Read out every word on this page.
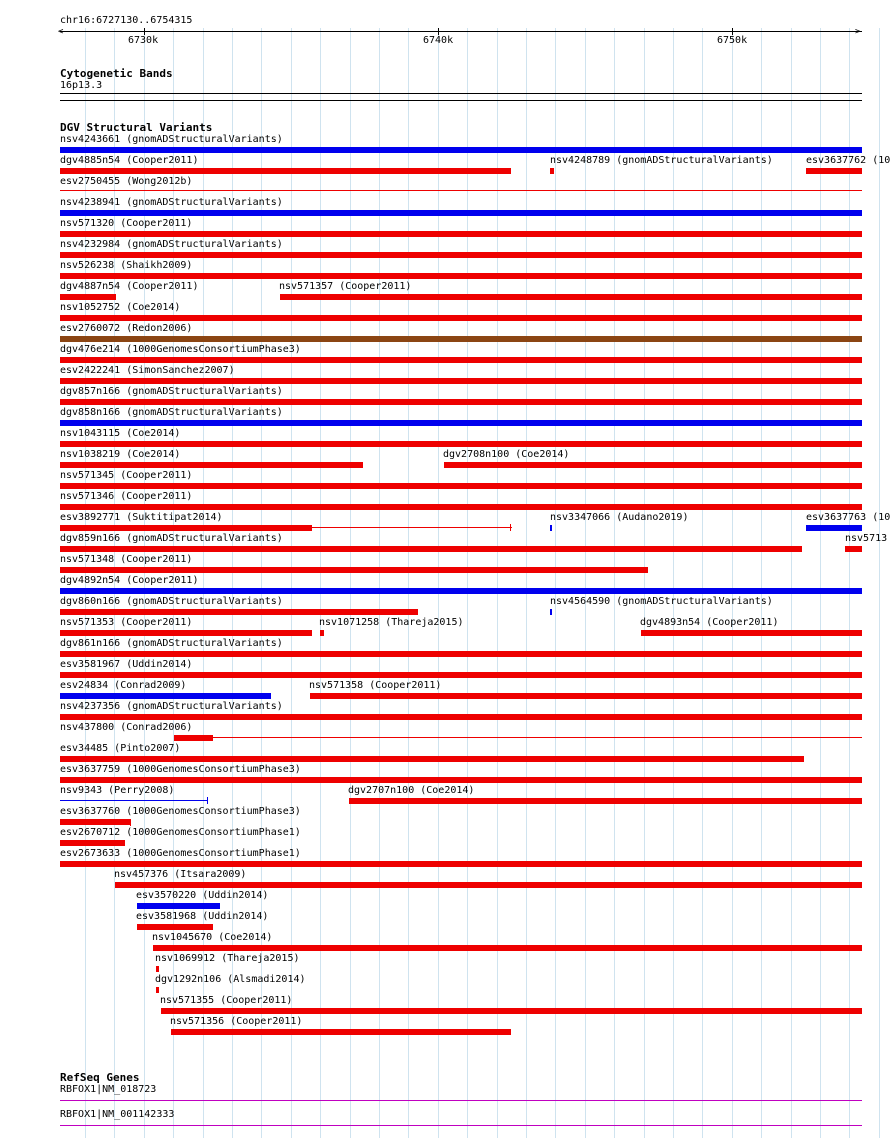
chr16:6727130..6754315
<	>
6730k	6740k	6750k
Cytogenetic Bands
16p13.3
DGV Structural Variants
nsv4243661 (gnomADStructuralVariants)
dgv4885n54 (Cooper2011)	nsv4248789 (gnomADStructuralVariants)	esv3637762 (10
esv2750455 (Wong2012b)
nsv4238941 (gnomADStructuralVariants)
nsv571320 (Cooper2011)
nsv4232984 (gnomADStructuralVariants)
nsv526238 (Shaikh2009)
dgv4887n54 (Cooper2011)	nsv571357 (Cooper2011)
nsv1052752 (Coe2014)
esv2760072 (Redon2006)
dgv476e214 (1000GenomesConsortiumPhase3)
esv2422241 (SimonSanchez2007)
dgv857n166 (gnomADStructuralVariants)
dgv858n166 (gnomADStructuralVariants)
nsv1043115 (Coe2014)
nsv1038219 (Coe2014)	dgv2708n100 (Coe2014)
nsv571345 (Cooper2011)
nsv571346 (Cooper2011)
esv3892771 (Suktitipat2014)	nsv3347066 (Audano2019)	esv3637763 (10
dgv859n166 (gnomADStructuralVariants)	nsv5713
nsv571348 (Cooper2011)
dgv4892n54 (Cooper2011)
dgv860n166 (gnomADStructuralVariants)	nsv4564590 (gnomADStructuralVariants)
nsv571353 (Cooper2011)	nsv1071258 (Thareja2015)	dgv4893n54 (Cooper2011)
dgv861n166 (gnomADStructuralVariants)
esv3581967 (Uddin2014)
esv24834 (Conrad2009)	nsv571358 (Cooper2011)
nsv4237356 (gnomADStructuralVariants)
nsv437800 (Conrad2006)
esv34485 (Pinto2007)
esv3637759 (1000GenomesConsortiumPhase3)
nsv9343 (Perry2008)	dgv2707n100 (Coe2014)
esv3637760 (1000GenomesConsortiumPhase3)
esv2670712 (1000GenomesConsortiumPhase1)
esv2673633 (1000GenomesConsortiumPhase1)
nsv457376 (Itsara2009)
esv3570220 (Uddin2014)
esv3581968 (Uddin2014)
nsv1045670 (Coe2014)
nsv1069912 (Thareja2015)
dgv1292n106 (Alsmadi2014)
nsv571355 (Cooper2011)
nsv571356 (Cooper2011)
RefSeq Genes
RBFOX1|NM_018723
RBFOX1|NM_001142333
